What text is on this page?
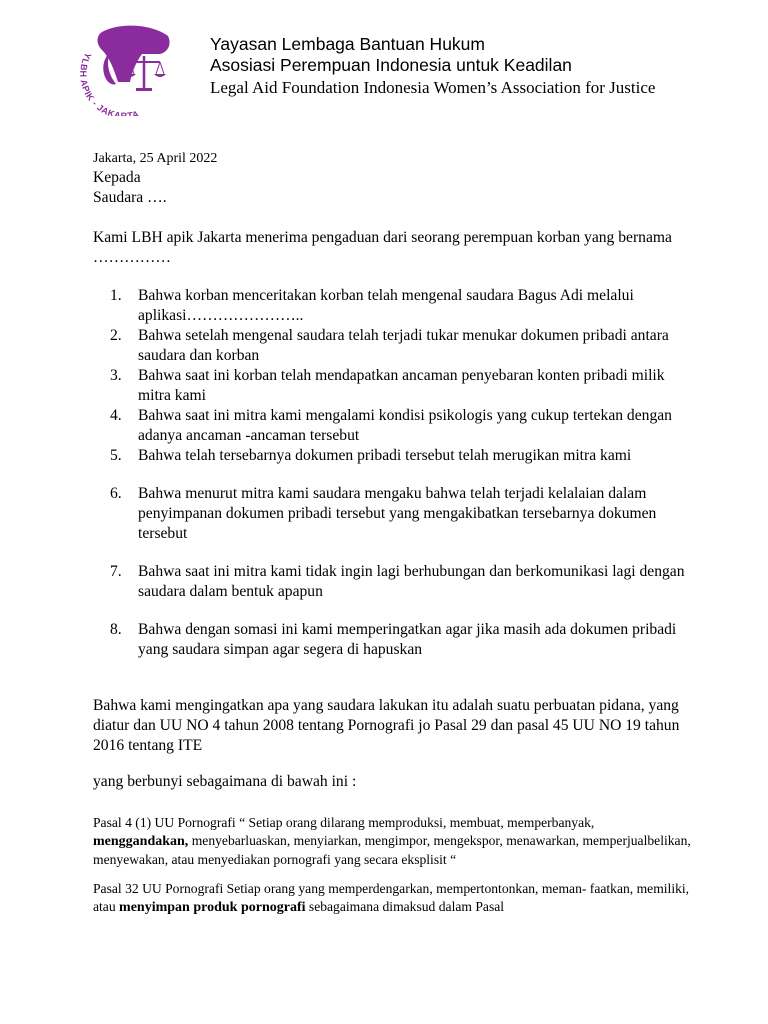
YLBH APIK - JAKARTA
Yayasan Lembaga Bantuan Hukum
Asosiasi Perempuan Indonesia untuk Keadilan
Legal Aid Foundation Indonesia Women’s Association for Justice
Jakarta, 25 April 2022
Kepada
Saudara ….
Kami LBH apik Jakarta menerima pengaduan dari seorang perempuan korban yang bernama ……………
1. Bahwa korban menceritakan korban telah mengenal saudara Bagus Adi melalui aplikasi…………………..
2. Bahwa setelah mengenal saudara telah terjadi tukar menukar dokumen pribadi antara saudara dan korban
3. Bahwa saat ini korban telah mendapatkan ancaman penyebaran konten pribadi milik mitra kami
4. Bahwa saat ini mitra kami mengalami kondisi psikologis yang cukup tertekan dengan adanya ancaman -ancaman tersebut
5. Bahwa telah tersebarnya dokumen pribadi tersebut telah merugikan mitra kami
6. Bahwa menurut mitra kami saudara mengaku bahwa telah terjadi kelalaian dalam penyimpanan dokumen pribadi tersebut yang mengakibatkan tersebarnya dokumen tersebut
7. Bahwa saat ini mitra kami tidak ingin lagi berhubungan dan berkomunikasi lagi dengan saudara dalam bentuk apapun
8. Bahwa dengan somasi ini kami memperingatkan agar jika masih ada dokumen pribadi yang saudara simpan agar segera di hapuskan
Bahwa kami mengingatkan apa yang saudara lakukan itu adalah suatu perbuatan pidana, yang diatur dan UU NO 4 tahun 2008 tentang Pornografi jo Pasal 29 dan pasal 45 UU NO 19 tahun 2016 tentang ITE
yang berbunyi sebagaimana di bawah ini :
Pasal 4 (1) UU Pornografi “ Setiap orang dilarang memproduksi, membuat, memperbanyak, menggandakan, menyebarluaskan, menyiarkan, mengimpor, mengekspor, menawarkan, memperjualbelikan, menyewakan, atau menyediakan pornografi yang secara eksplisit “
Pasal 32 UU Pornografi Setiap orang yang memperdengarkan, mempertontonkan, meman- faatkan, memiliki, atau menyimpan produk pornografi sebagaimana dimaksud dalam Pasal
